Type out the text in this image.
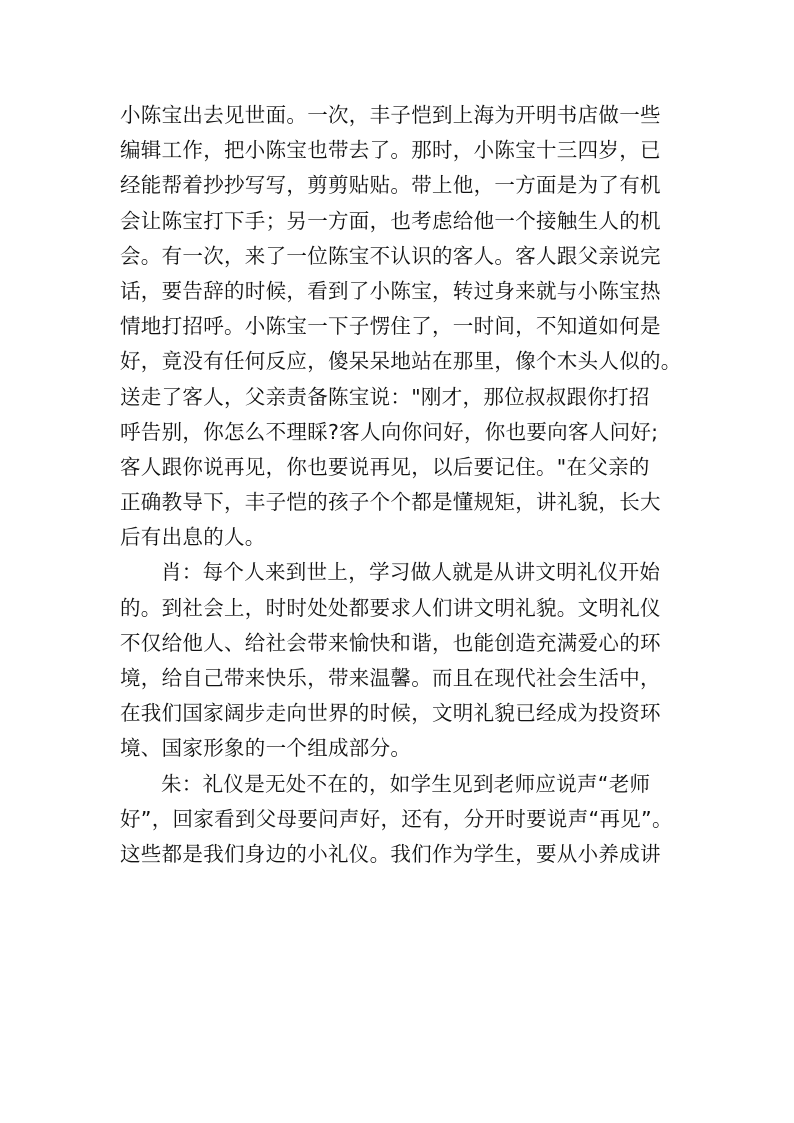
小陈宝出去见世面。一次，丰子恺到上海为开明书店做一些
编辑工作，把小陈宝也带去了。那时，小陈宝十三四岁，已
经能帮着抄抄写写，剪剪贴贴。带上他，一方面是为了有机
会让陈宝打下手；另一方面，也考虑给他一个接触生人的机
会。有一次，来了一位陈宝不认识的客人。客人跟父亲说完
话，要告辞的时候，看到了小陈宝，转过身来就与小陈宝热
情地打招呼。小陈宝一下子愣住了，一时间，不知道如何是
好，竟没有任何反应，傻呆呆地站在那里，像个木头人似的。
送走了客人，父亲责备陈宝说："刚才，那位叔叔跟你打招
呼告别，你怎么不理睬?客人向你问好，你也要向客人问好;
客人跟你说再见，你也要说再见，以后要记住。"在父亲的
正确教导下，丰子恺的孩子个个都是懂规矩，讲礼貌，长大
后有出息的人。
肖：每个人来到世上，学习做人就是从讲文明礼仪开始
的。到社会上，时时处处都要求人们讲文明礼貌。文明礼仪
不仅给他人、给社会带来愉快和谐，也能创造充满爱心的环
境，给自己带来快乐，带来温馨。而且在现代社会生活中，
在我们国家阔步走向世界的时候，文明礼貌已经成为投资环
境、国家形象的一个组成部分。
朱：礼仪是无处不在的，如学生见到老师应说声“老师
好”，回家看到父母要问声好，还有，分开时要说声“再见”。
这些都是我们身边的小礼仪。我们作为学生，要从小养成讲
